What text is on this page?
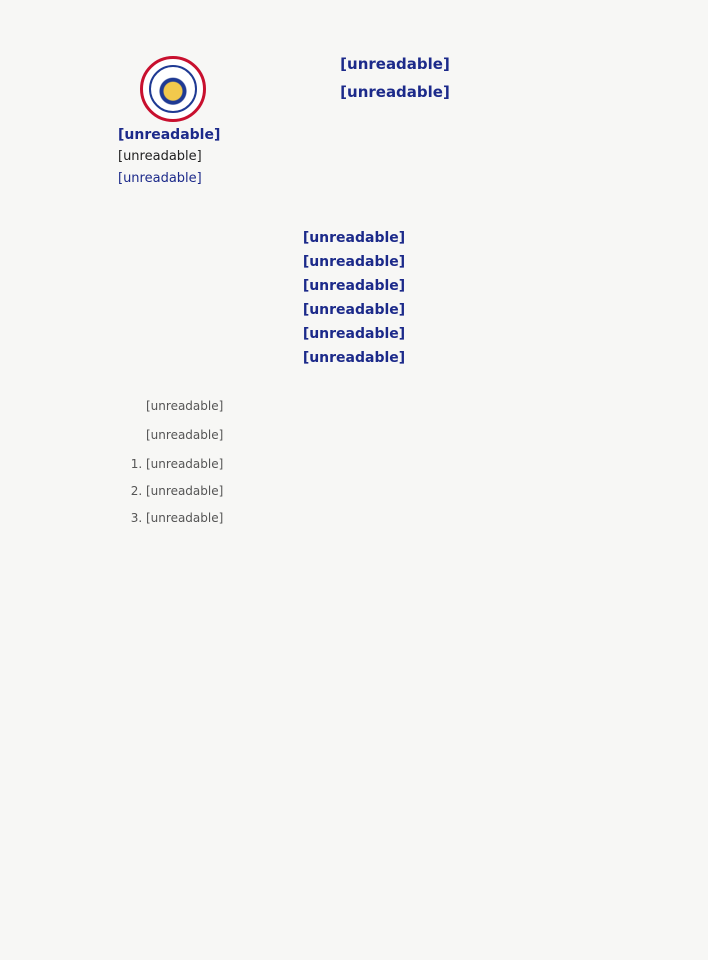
[unreadable]
[unreadable]
[unreadable]
[unreadable]
[unreadable]
[unreadable]
[unreadable]
[unreadable]
[unreadable]
[unreadable]
[unreadable]

[unreadable]

[unreadable]

1. [unreadable]
2. [unreadable]
3. [unreadable]
